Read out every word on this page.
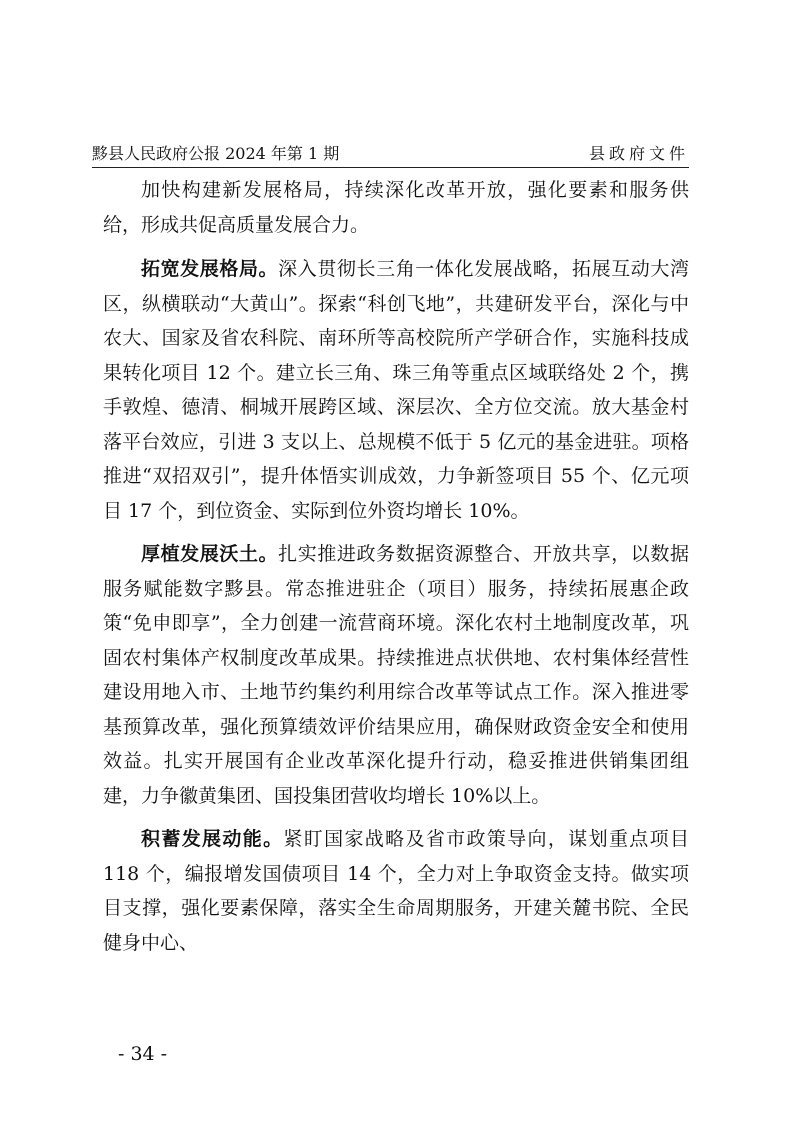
黟县人民政府公报 2024 年第 1 期	县政府文件

加快构建新发展格局，持续深化改革开放，强化要素和服务供给，形成共促高质量发展合力。

拓宽发展格局。深入贯彻长三角一体化发展战略，拓展互动大湾区，纵横联动“大黄山”。探索“科创飞地”，共建研发平台，深化与中农大、国家及省农科院、南环所等高校院所产学研合作，实施科技成果转化项目 12 个。建立长三角、珠三角等重点区域联络处 2 个，携手敦煌、德清、桐城开展跨区域、深层次、全方位交流。放大基金村落平台效应，引进 3 支以上、总规模不低于 5 亿元的基金进驻。项格推进“双招双引”，提升体悟实训成效，力争新签项目 55 个、亿元项目 17 个，到位资金、实际到位外资均增长 10%。

厚植发展沃土。扎实推进政务数据资源整合、开放共享，以数据服务赋能数字黟县。常态推进驻企（项目）服务，持续拓展惠企政策“免申即享”，全力创建一流营商环境。深化农村土地制度改革，巩固农村集体产权制度改革成果。持续推进点状供地、农村集体经营性建设用地入市、土地节约集约利用综合改革等试点工作。深入推进零基预算改革，强化预算绩效评价结果应用，确保财政资金安全和使用效益。扎实开展国有企业改革深化提升行动，稳妥推进供销集团组建，力争徽黄集团、国投集团营收均增长 10%以上。

积蓄发展动能。紧盯国家战略及省市政策导向，谋划重点项目 118 个，编报增发国债项目 14 个，全力对上争取资金支持。做实项目支撑，强化要素保障，落实全生命周期服务，开建关麓书院、全民健身中心、

- 34 -
